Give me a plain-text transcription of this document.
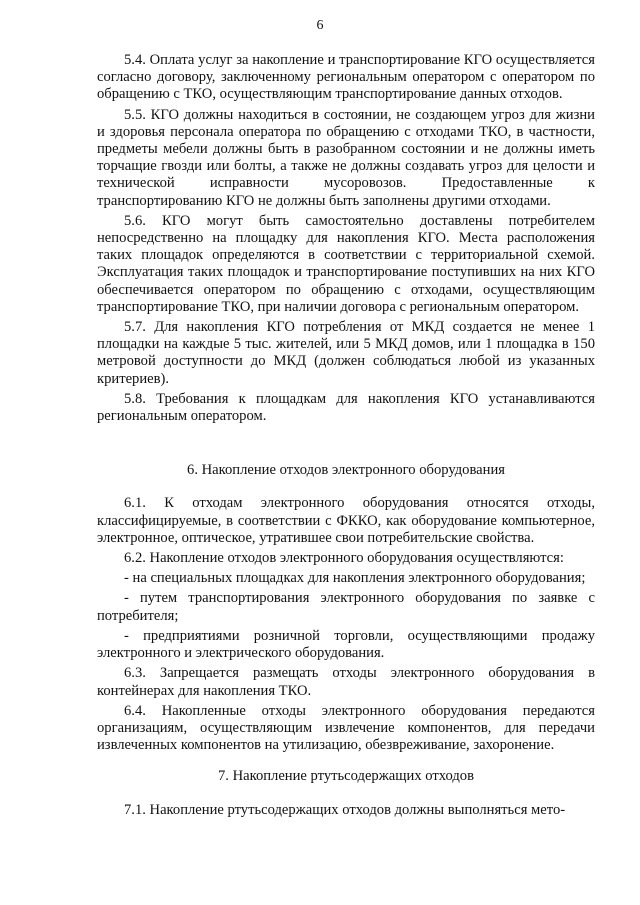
6

5.4. Оплата услуг за накопление и транспортирование КГО осуществляется согласно договору, заключенному региональным оператором с оператором по обращению с ТКО, осуществляющим транспортирование данных отходов.

5.5. КГО должны находиться в состоянии, не создающем угроз для жизни и здоровья персонала оператора по обращению с отходами ТКО, в частности, предметы мебели должны быть в разобранном состоянии и не должны иметь торчащие гвозди или болты, а также не должны создавать угроз для целости и технической исправности мусоровозов. Предоставленные к транспортированию КГО не должны быть заполнены другими отходами.

5.6. КГО могут быть самостоятельно доставлены потребителем непосредственно на площадку для накопления КГО. Места расположения таких площадок определяются в соответствии с территориальной схемой. Эксплуатация таких площадок и транспортирование поступивших на них КГО обеспечивается оператором по обращению с отходами, осуществляющим транспортирование ТКО, при наличии договора с региональным оператором.

5.7. Для накопления КГО потребления от МКД создается не менее 1 площадки на каждые 5 тыс. жителей, или 5 МКД домов, или 1 площадка в 150 метровой доступности до МКД (должен соблюдаться любой из указанных критериев).

5.8. Требования к площадкам для накопления КГО устанавливаются региональным оператором.

6. Накопление отходов электронного оборудования

6.1. К отходам электронного оборудования относятся отходы, классифицируемые, в соответствии с ФККО, как оборудование компьютерное, электронное, оптическое, утратившее свои потребительские свойства.

6.2. Накопление отходов электронного оборудования осуществляются:

- на специальных площадках для накопления электронного оборудования;

- путем транспортирования электронного оборудования по заявке с потребителя;

- предприятиями розничной торговли, осуществляющими продажу электронного и электрического оборудования.

6.3. Запрещается размещать отходы электронного оборудования в контейнерах для накопления ТКО.

6.4. Накопленные отходы электронного оборудования передаются организациям, осуществляющим извлечение компонентов, для передачи извлеченных компонентов на утилизацию, обезвреживание, захоронение.

7. Накопление ртутьсодержащих отходов

7.1. Накопление ртутьсодержащих отходов должны выполняться мето-
